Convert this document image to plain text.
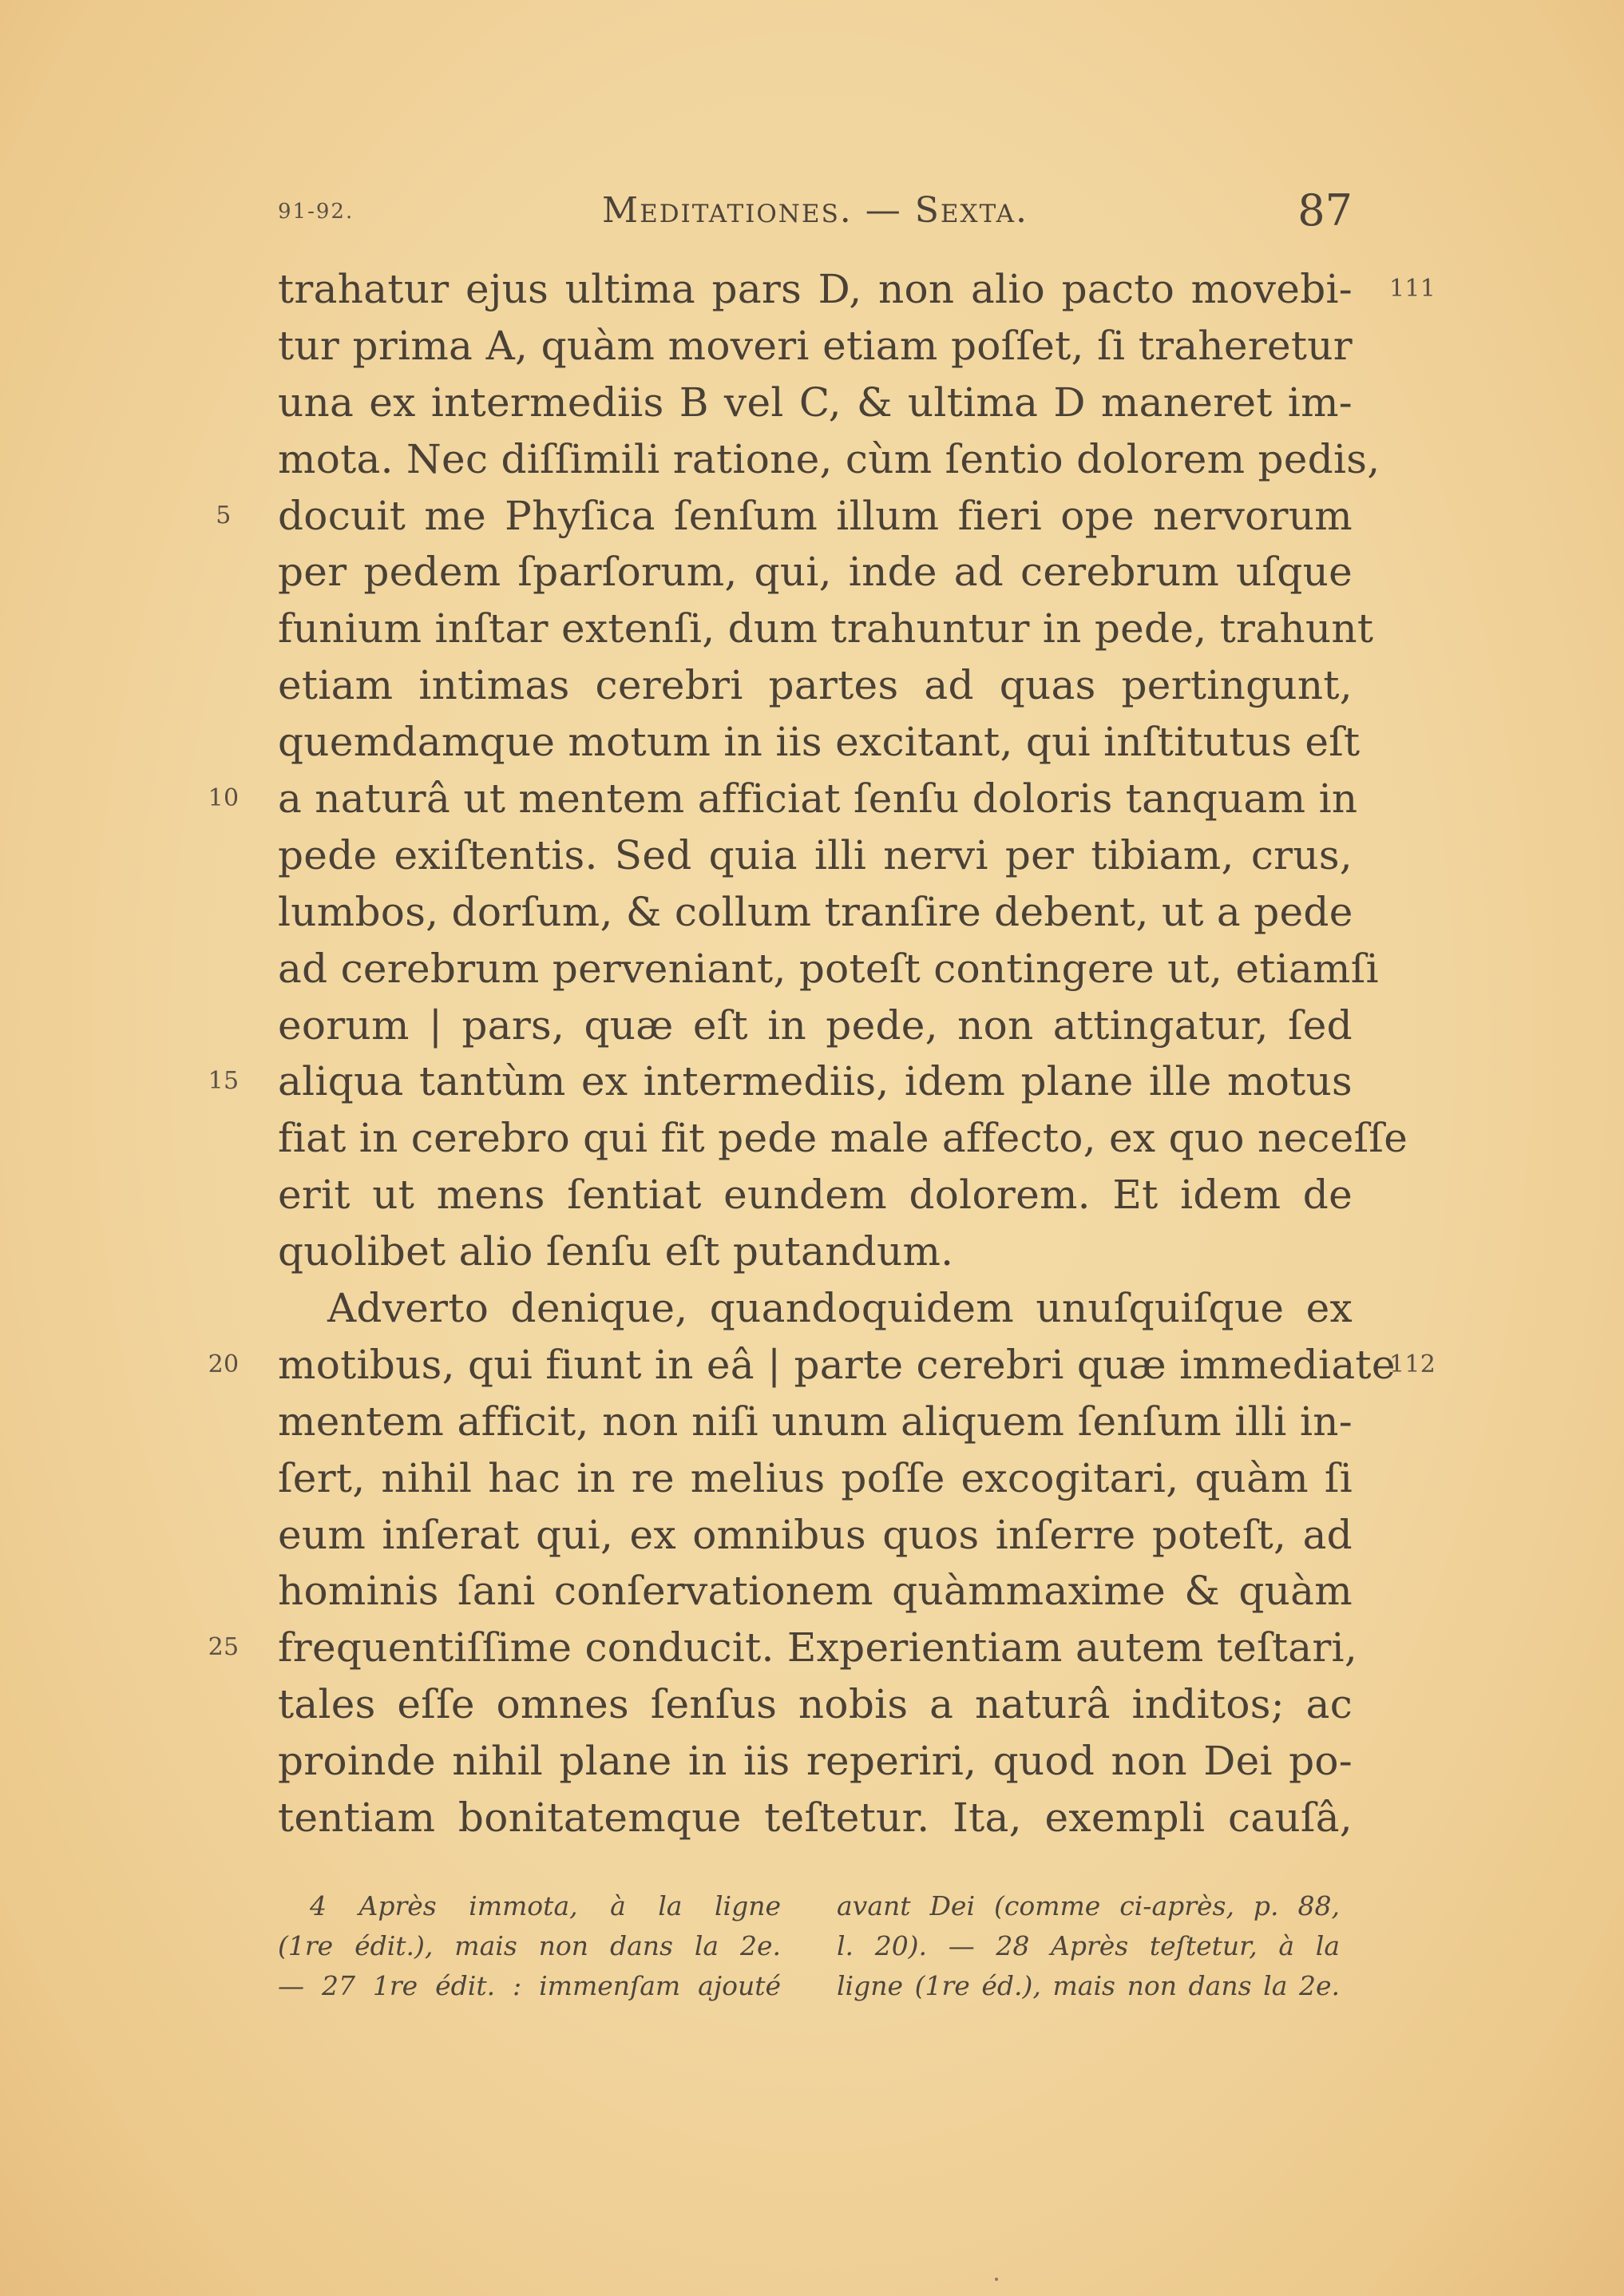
91-92.	Meditationes. — Sexta.	87
trahatur ejus ultima pars D, non alio pacto movebi- 111
tur prima A, quàm moveri etiam poſſet, ſi traheretur
una ex intermediis B vel C, & ultima D maneret im-
mota. Nec diſſimili ratione, cùm ſentio dolorem pedis,
docuit me Phyſica ſenſum illum fieri ope nervorum
5
per pedem ſparſorum, qui, inde ad cerebrum uſque
funium inſtar extenſi, dum trahuntur in pede, trahunt
etiam intimas cerebri partes ad quas pertingunt,
quemdamque motum in iis excitant, qui inſtitutus eſt
a naturâ ut mentem afficiat ſenſu doloris tanquam in
10
pede exiſtentis. Sed quia illi nervi per tibiam, crus,
lumbos, dorſum, & collum tranſire debent, ut a pede
ad cerebrum perveniant, poteſt contingere ut, etiamſi
eorum | pars, quæ eſt in pede, non attingatur, ſed
aliqua tantùm ex intermediis, idem plane ille motus
15
fiat in cerebro qui fit pede male affecto, ex quo neceſſe
erit ut mens ſentiat eundem dolorem. Et idem de
quolibet alio ſenſu eſt putandum.
Adverto denique, quandoquidem unuſquiſque ex
motibus, qui fiunt in eâ | parte cerebri quæ immediate
20	112
mentem afficit, non niſi unum aliquem ſenſum illi in-
ſert, nihil hac in re melius poſſe excogitari, quàm ſi
eum inſerat qui, ex omnibus quos inſerre poteſt, ad
hominis ſani conſervationem quàmmaxime & quàm
frequentiſſime conducit. Experientiam autem teſtari,
25
tales eſſe omnes ſenſus nobis a naturâ inditos; ac
proinde nihil plane in iis reperiri, quod non Dei po-
tentiam bonitatemque teſtetur. Ita, exempli cauſâ,
4 Après immota, à la ligne
(1re édit.), mais non dans la 2e.
— 27 1re édit. : immenſam ajouté
avant Dei (comme ci-après, p. 88,
l. 20). — 28 Après teſtetur, à la
ligne (1re éd.), mais non dans la 2e.
